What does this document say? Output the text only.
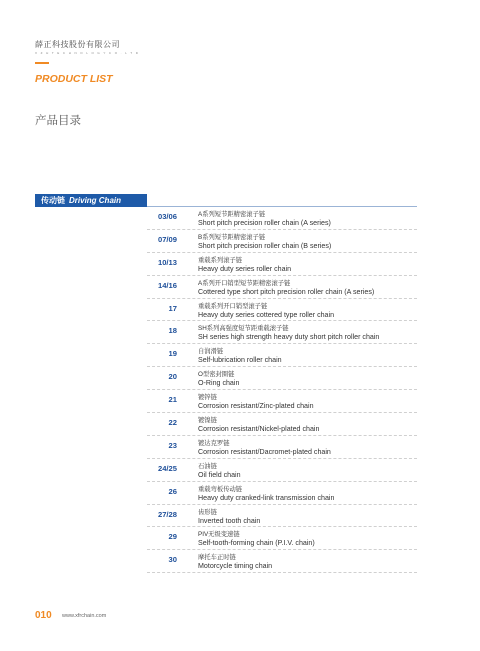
薛正科技股份有限公司
X Z H T E C H N O L O G Y C O . L T D
PRODUCT LIST
产品目录
传动链 Driving Chain
03/06	A系列短节距精密滚子链
Short pitch precision roller chain (A series)
07/09	B系列短节距精密滚子链
Short pitch precision roller chain (B series)
10/13	重载系列滚子链
Heavy duty series roller chain
14/16	A系列开口销型短节距精密滚子链
Cottered type short pitch precision roller chain (A series)
17	重载系列开口销型滚子链
Heavy duty series cottered type roller chain
18	SH系列高强度短节距重载滚子链
SH series high strength heavy duty short pitch roller chain
19	自润滑链
Self-lubrication roller chain
20	O型密封圈链
O-Ring chain
21	镀锌链
Corrosion resistant/Zinc-plated chain
22	镀镍链
Corrosion resistant/Nickel-plated chain
23	镀达克罗链
Corrosion resistant/Dacromet-plated chain
24/25	石油链
Oil field chain
26	重载弯板传动链
Heavy duty cranked-link transmission chain
27/28	齿形链
Inverted tooth chain
29	PIV无级变速链
Self-tooth-forming chain (P.I.V. chain)
30	摩托车正时链
Motorcycle timing chain
010 www.xfrchain.com
